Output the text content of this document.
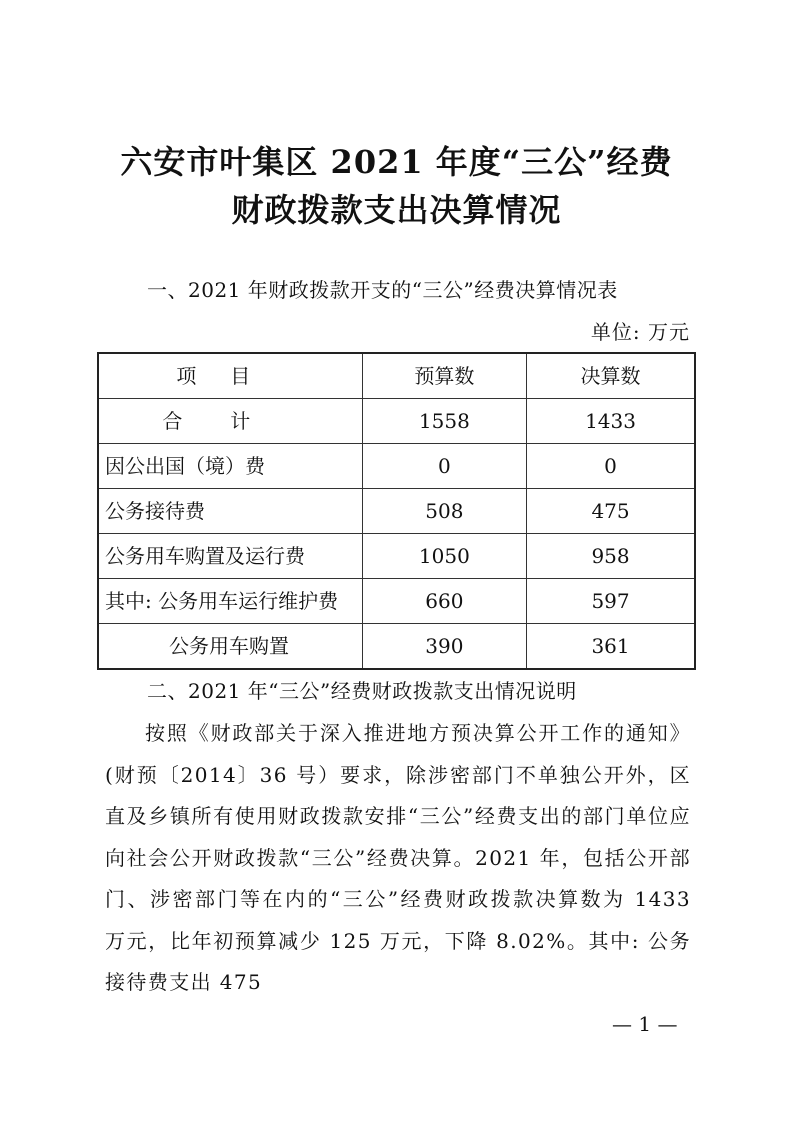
六安市叶集区 2021 年度“三公”经费
财政拨款支出决算情况
一、2021 年财政拨款开支的“三公”经费决算情况表
单位: 万元
项目	预算数	决算数
合计	1558	1433
因公出国（境）费	0	0
公务接待费	508	475
公务用车购置及运行费	1050	958
其中: 公务用车运行维护费	660	597
公务用车购置	390	361
二、2021 年“三公”经费财政拨款支出情况说明
按照《财政部关于深入推进地方预决算公开工作的通知》(财预〔2014〕36 号）要求，除涉密部门不单独公开外，区直及乡镇所有使用财政拨款安排“三公”经费支出的部门单位应向社会公开财政拨款“三公”经费决算。2021 年，包括公开部门、涉密部门等在内的“三公”经费财政拨款决算数为 1433 万元，比年初预算减少 125 万元，下降 8.02%。其中: 公务接待费支出 475
— 1 —
